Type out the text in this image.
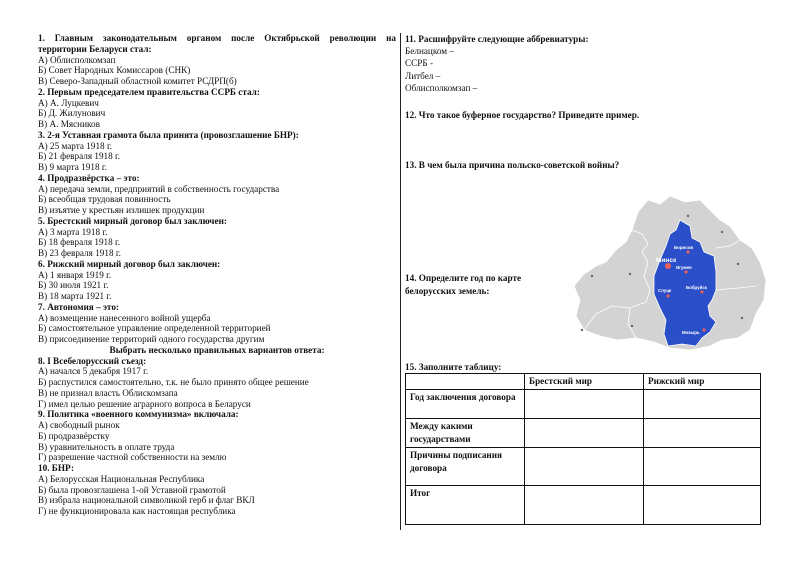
1. Главным законодательным органом после Октябрьской революции на
территории Беларуси стал:
А) Облисполкомзап
Б) Совет Народных Комиссаров (СНК)
В) Северо-Западный областной комитет РСДРП(б)
2. Первым председателем правительства ССРБ стал:
А) А. Луцкевич
Б) Д. Жилунович
В) А. Мясников
3. 2-я Уставная грамота была принята (провозглашение БНР):
А) 25 марта 1918 г.
Б) 21 февраля 1918 г.
В) 9 марта 1918 г.
4. Продразвёрстка – это:
А) передача земли, предприятий в собственность государства
Б) всеобщая трудовая повинность
В) изъятие у крестьян излишек продукции
5. Брестский мирный договор был заключен:
А) 3 марта 1918 г.
Б) 18 февраля 1918 г.
В) 23 февраля 1918 г.
6. Рижский мирный договор был заключен:
А) 1 января 1919 г.
Б) 30 июля 1921 г.
В) 18 марта 1921 г.
7. Автономия – это:
А) возмещение нанесенного войной ущерба
Б) самостоятельное управление определенной территорией
В) присоединение территорий одного государства другим
Выбрать несколько правильных вариантов ответа:
8. I Всебелорусский съезд:
А) начался 5 декабря 1917 г.
Б) распустился самостоятельно, т.к. не было принято общее решение
В) не признал власть Облискомзапа
Г) имел целью решение аграрного вопроса в Беларуси
9. Политика «военного коммунизма» включала:
А) свободный рынок
Б) продразвёрстку
В) уравнительность в оплате труда
Г) разрешение частной собственности на землю
10. БНР:
А) Белорусская Национальная Республика
Б) была провозглашена 1-ой Уставной грамотой
В) избрала национальной символикой герб и флаг ВКЛ
Г) не функционировала как настоящая республика
11. Расшифруйте следующие аббревиатуры:
Белнацком –
ССРБ -
Литбел –
Облисполкомзап –
12. Что такое буферное государство? Приведите пример.
13. В чем была причина польско-советской войны?
14. Определите год по карте
белорусских земель:
Борисов
Минск
Игумен
Слуцк
Бобруйск
Мозырь
15. Заполните таблицу:
	Брестский мир	Рижский мир
Год заключения договора		
Между какими государствами		
Причины подписания договора		
Итог		
